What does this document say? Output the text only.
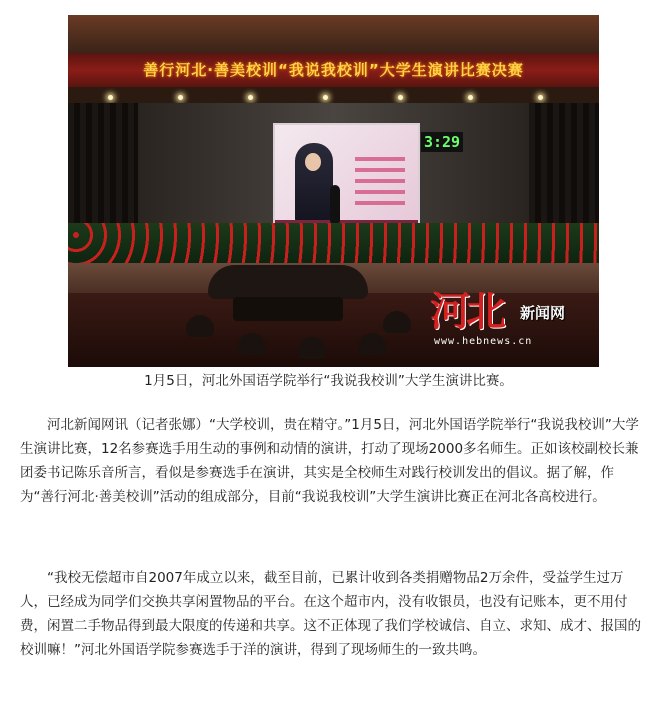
善行河北·善美校训“我说我校训”大学生演讲比赛决赛
3:29
河北 新闻网
www.hebnews.cn
1月5日，河北外国语学院举行“我说我校训”大学生演讲比赛。

河北新闻网讯（记者张娜）“大学校训，贵在精守。”1月5日，河北外国语学院举行“我说我校训”大学生演讲比赛，12名参赛选手用生动的事例和动情的演讲，打动了现场2000多名师生。正如该校副校长兼团委书记陈乐音所言，看似是参赛选手在演讲，其实是全校师生对践行校训发出的倡议。据了解，作为“善行河北·善美校训”活动的组成部分，目前“我说我校训”大学生演讲比赛正在河北各高校进行。

“我校无偿超市自2007年成立以来，截至目前，已累计收到各类捐赠物品2万余件，受益学生过万人，已经成为同学们交换共享闲置物品的平台。在这个超市内，没有收银员，也没有记账本，更不用付费，闲置二手物品得到最大限度的传递和共享。这不正体现了我们学校诚信、自立、求知、成才、报国的校训嘛！”河北外国语学院参赛选手于洋的演讲，得到了现场师生的一致共鸣。
